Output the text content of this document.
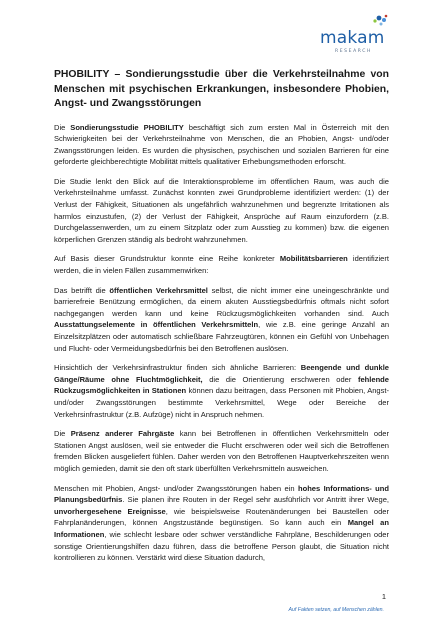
makam
RESEARCH
PHOBILITY – Sondierungsstudie über die Verkehrsteilnahme von Menschen mit psychischen Erkrankungen, insbesondere Phobien, Angst- und Zwangsstörungen

Die Sondierungsstudie PHOBILITY beschäftigt sich zum ersten Mal in Österreich mit den Schwierigkeiten bei der Verkehrsteilnahme von Menschen, die an Phobien, Angst- und/oder Zwangsstörungen leiden. Es wurden die physischen, psychischen und sozialen Barrieren für eine geforderte gleichberechtigte Mobilität mittels qualitativer Erhebungsmethoden erforscht.

Die Studie lenkt den Blick auf die Interaktionsprobleme im öffentlichen Raum, was auch die Verkehrsteilnahme umfasst. Zunächst konnten zwei Grundprobleme identifiziert werden: (1) der Verlust der Fähigkeit, Situationen als ungefährlich wahrzunehmen und begrenzte Irritationen als harmlos einzustufen, (2) der Verlust der Fähigkeit, Ansprüche auf Raum einzufordern (z.B. Durchgelassenwerden, um zu einem Sitzplatz oder zum Ausstieg zu kommen) bzw. die eigenen körperlichen Grenzen ständig als bedroht wahrzunehmen.

Auf Basis dieser Grundstruktur konnte eine Reihe konkreter Mobilitätsbarrieren identifiziert werden, die in vielen Fällen zusammenwirken:

Das betrifft die öffentlichen Verkehrsmittel selbst, die nicht immer eine uneingeschränkte und barrierefreie Benützung ermöglichen, da einem akuten Ausstiegsbedürfnis oftmals nicht sofort nachgegangen werden kann und keine Rückzugsmöglichkeiten vorhanden sind. Auch Ausstattungselemente in öffentlichen Verkehrsmitteln, wie z.B. eine geringe Anzahl an Einzelsitzplätzen oder automatisch schließbare Fahrzeugtüren, können ein Gefühl von Unbehagen und Flucht- oder Vermeidungsbedürfnis bei den Betroffenen auslösen.

Hinsichtlich der Verkehrsinfrastruktur finden sich ähnliche Barrieren: Beengende und dunkle Gänge/Räume ohne Fluchtmöglichkeit, die die Orientierung erschweren oder fehlende Rückzugsmöglichkeiten in Stationen können dazu beitragen, dass Personen mit Phobien, Angst- und/oder Zwangsstörungen bestimmte Verkehrsmittel, Wege oder Bereiche der Verkehrsinfrastruktur (z.B. Aufzüge) nicht in Anspruch nehmen.

Die Präsenz anderer Fahrgäste kann bei Betroffenen in öffentlichen Verkehrsmitteln oder Stationen Angst auslösen, weil sie entweder die Flucht erschweren oder weil sich die Betroffenen fremden Blicken ausgeliefert fühlen. Daher werden von den Betroffenen Hauptverkehrszeiten wenn möglich gemieden, damit sie den oft stark überfüllten Verkehrsmitteln ausweichen.

Menschen mit Phobien, Angst- und/oder Zwangsstörungen haben ein hohes Informations- und Planungsbedürfnis. Sie planen ihre Routen in der Regel sehr ausführlich vor Antritt ihrer Wege, unvorhergesehene Ereignisse, wie beispielsweise Routenänderungen bei Baustellen oder Fahrplanänderungen, können Angstzustände begünstigen. So kann auch ein Mangel an Informationen, wie schlecht lesbare oder schwer verständliche Fahrpläne, Beschilderungen oder sonstige Orientierungshilfen dazu führen, dass die betroffene Person glaubt, die Situation nicht kontrollieren zu können. Verstärkt wird diese Situation dadurch,

1
Auf Fakten setzen, auf Menschen zählen.
